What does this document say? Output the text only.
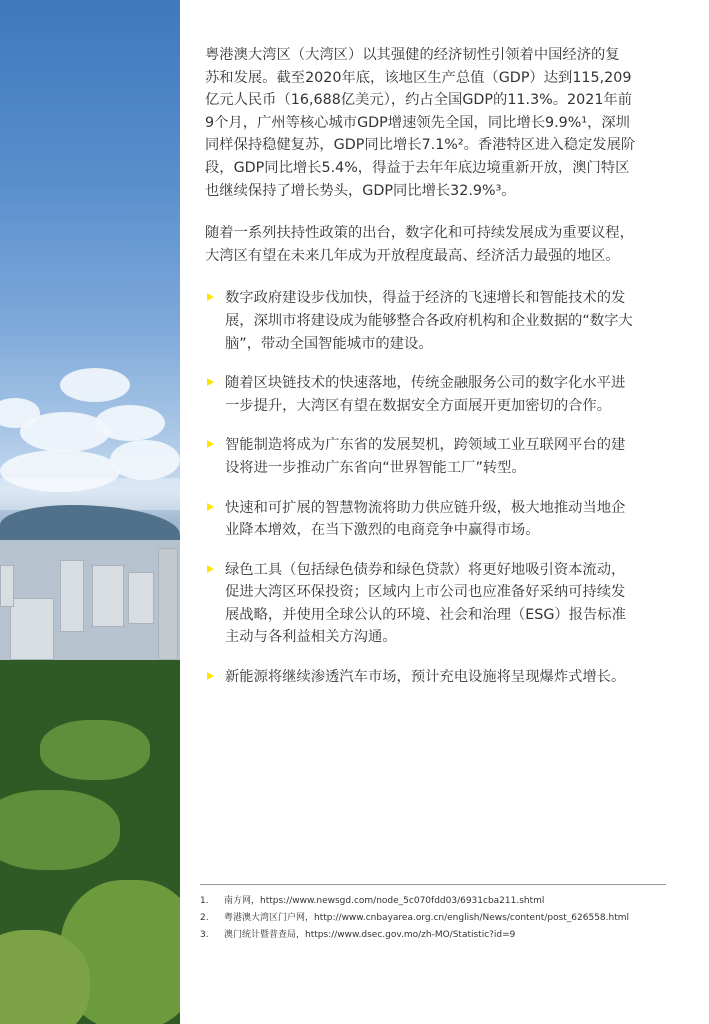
粤港澳大湾区（大湾区）以其强健的经济韧性引领着中国经济的复
苏和发展。截至2020年底，该地区生产总值（GDP）达到115,209
亿元人民币（16,688亿美元），约占全国GDP的11.3%。2021年前
9个月，广州等核心城市GDP增速领先全国，同比增长9.9%¹，深圳
同样保持稳健复苏，GDP同比增长7.1%²。香港特区进入稳定发展阶
段，GDP同比增长5.4%，得益于去年年底边境重新开放，澳门特区
也继续保持了增长势头，GDP同比增长32.9%³。

随着一系列扶持性政策的出台，数字化和可持续发展成为重要议程，
大湾区有望在未来几年成为开放程度最高、经济活力最强的地区。

数字政府建设步伐加快，得益于经济的飞速增长和智能技术的发
展，深圳市将建设成为能够整合各政府机构和企业数据的“数字大
脑”，带动全国智能城市的建设。
随着区块链技术的快速落地，传统金融服务公司的数字化水平进
一步提升，大湾区有望在数据安全方面展开更加密切的合作。
智能制造将成为广东省的发展契机，跨领域工业互联网平台的建
设将进一步推动广东省向“世界智能工厂”转型。
快速和可扩展的智慧物流将助力供应链升级，极大地推动当地企
业降本增效，在当下激烈的电商竞争中赢得市场。
绿色工具（包括绿色债券和绿色贷款）将更好地吸引资本流动，
促进大湾区环保投资；区域内上市公司也应准备好采纳可持续发
展战略，并使用全球公认的环境、社会和治理（ESG）报告标准
主动与各利益相关方沟通。
新能源将继续渗透汽车市场，预计充电设施将呈现爆炸式增长。
1.	南方网，https://www.newsgd.com/node_5c070fdd03/6931cba211.shtml
2.	粤港澳大湾区门户网，http://www.cnbayarea.org.cn/english/News/content/post_626558.html
3.	澳门统计暨普查局，https://www.dsec.gov.mo/zh-MO/Statistic?id=9
